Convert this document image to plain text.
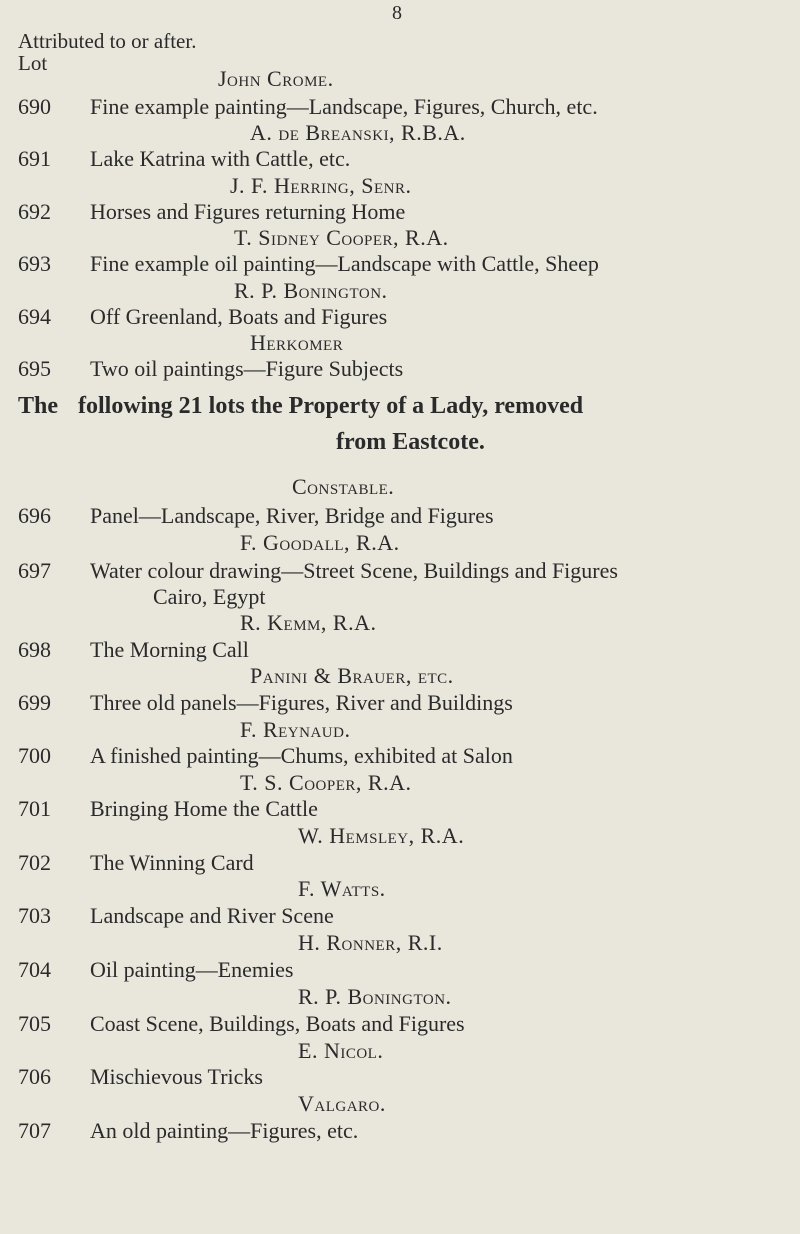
8
Attributed to or after.
Lot
John Crome.
690	Fine example painting—Landscape, Figures, Church, etc.
A. de Breanski, R.B.A.
691	Lake Katrina with Cattle, etc.
J. F. Herring, Senr.
692	Horses and Figures returning Home
T. Sidney Cooper, R.A.
693	Fine example oil painting—Landscape with Cattle, Sheep
R. P. Bonington.
694	Off Greenland, Boats and Figures
Herkomer
695	Two oil paintings—Figure Subjects
The following 21 lots the Property of a Lady, removed
from Eastcote.
Constable.
696	Panel—Landscape, River, Bridge and Figures
F. Goodall, R.A.
697	Water colour drawing—Street Scene, Buildings and Figures
Cairo, Egypt
R. Kemm, R.A.
698	The Morning Call
Panini & Brauer, etc.
699	Three old panels—Figures, River and Buildings
F. Reynaud.
700	A finished painting—Chums, exhibited at Salon
T. S. Cooper, R.A.
701	Bringing Home the Cattle
W. Hemsley, R.A.
702	The Winning Card
F. Watts.
703	Landscape and River Scene
H. Ronner, R.I.
704	Oil painting—Enemies
R. P. Bonington.
705	Coast Scene, Buildings, Boats and Figures
E. Nicol.
706	Mischievous Tricks
Valgaro.
707	An old painting—Figures, etc.
